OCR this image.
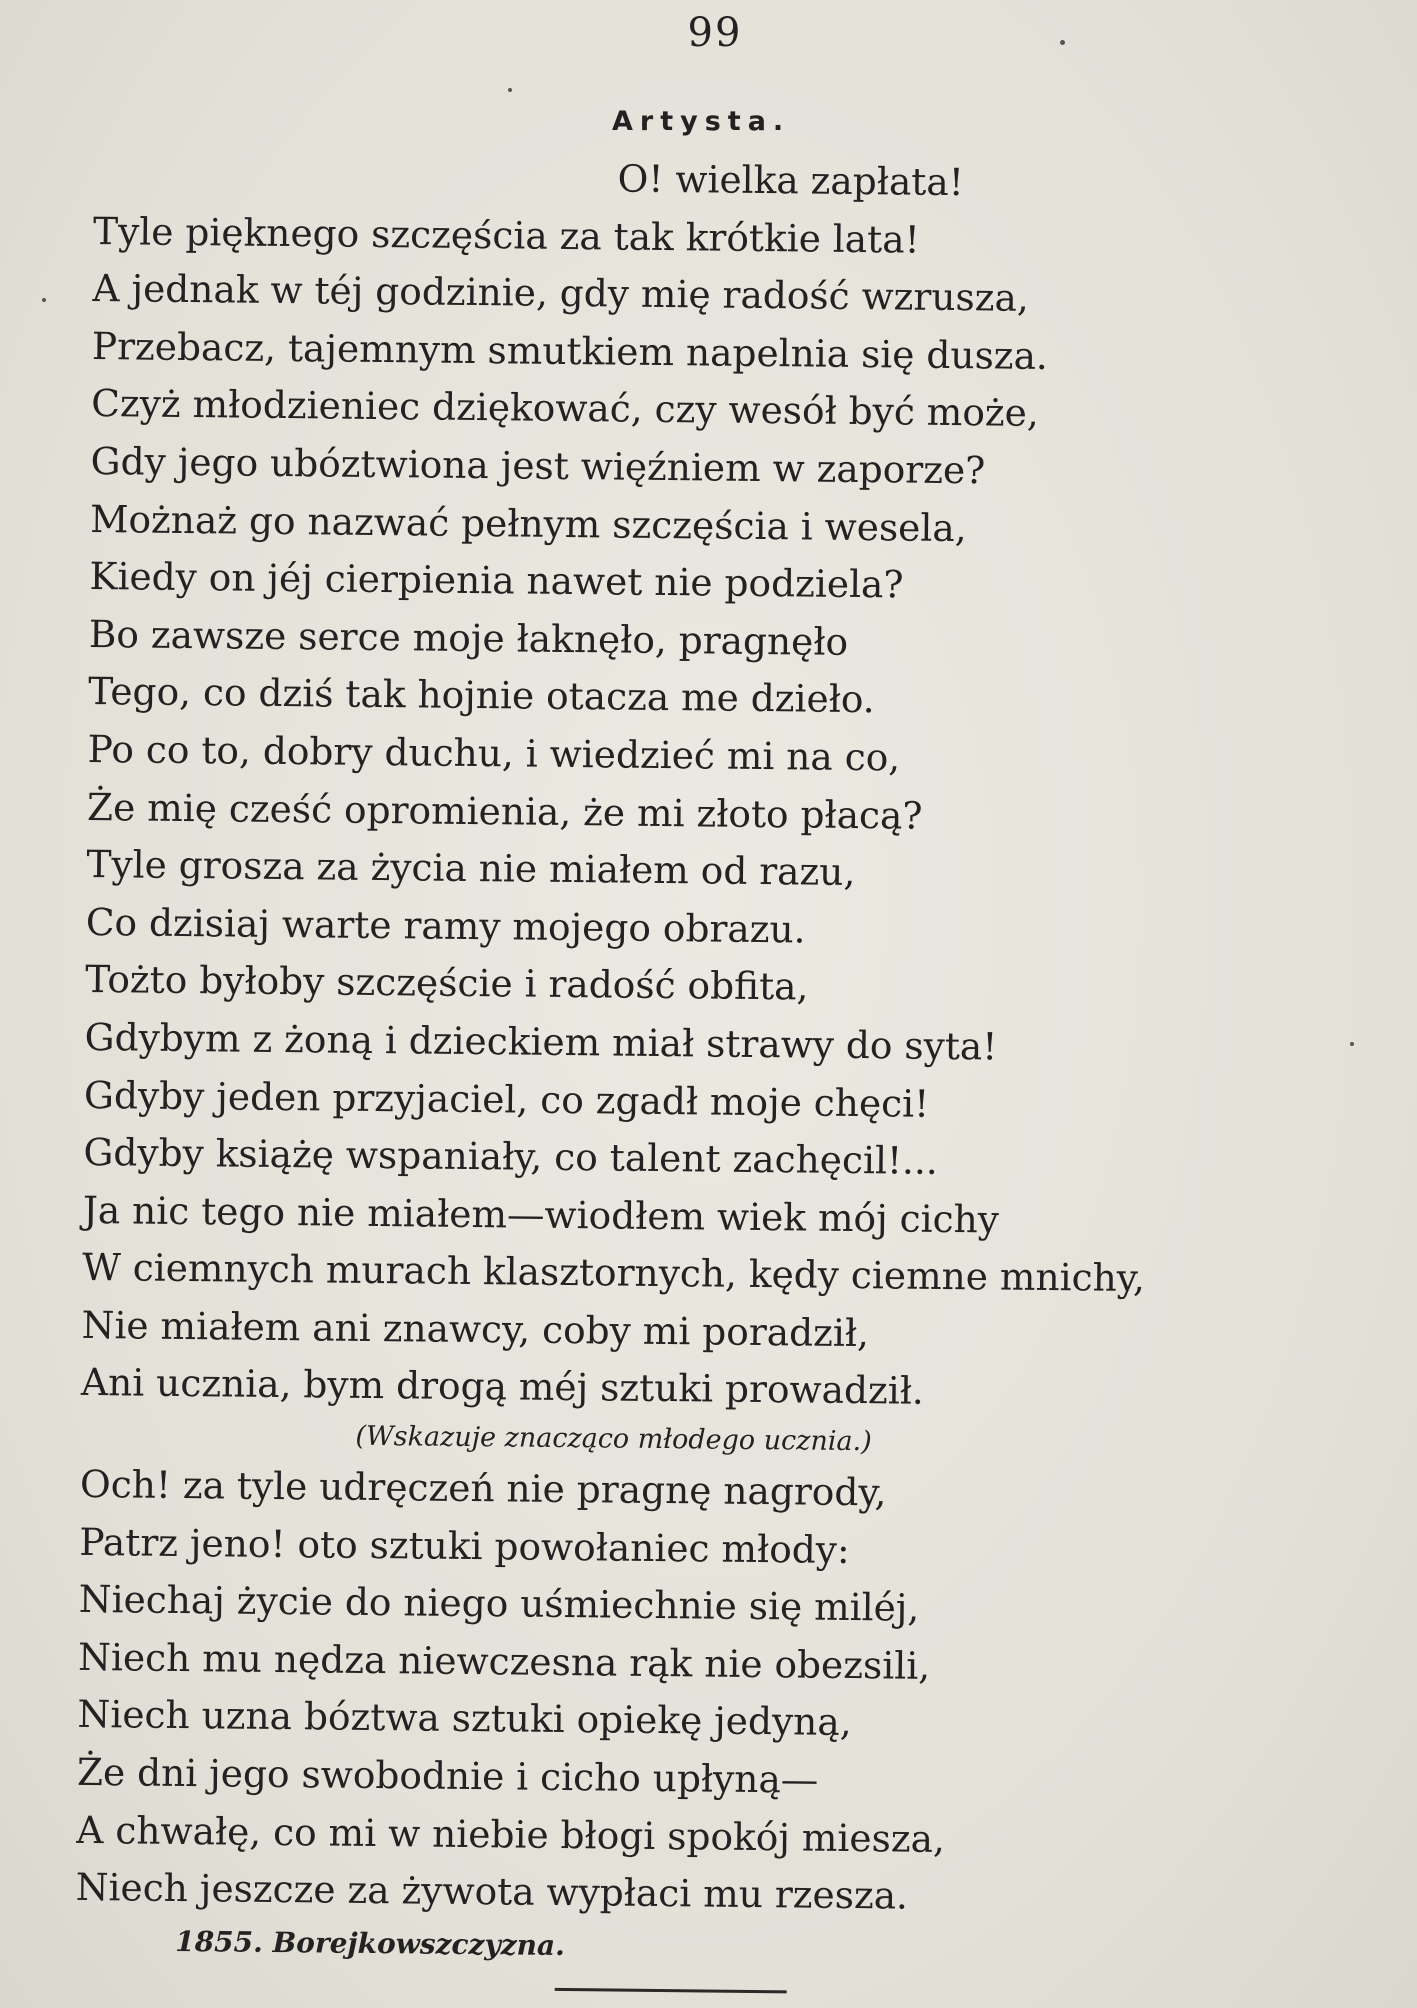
99
Artysta.
O! wielka zapłata!
Tyle pięknego szczęścia za tak krótkie lata!
A jednak w téj godzinie, gdy mię radość wzrusza,
Przebacz, tajemnym smutkiem napelnia się dusza.
Czyż młodzieniec dziękować, czy wesół być może,
Gdy jego ubóztwiona jest więźniem w zaporze?
Możnaż go nazwać pełnym szczęścia i wesela,
Kiedy on jéj cierpienia nawet nie podziela?
Bo zawsze serce moje łaknęło, pragnęło
Tego, co dziś tak hojnie otacza me dzieło.
Po co to, dobry duchu, i wiedzieć mi na co,
Że mię cześć opromienia, że mi złoto płacą?
Tyle grosza za życia nie miałem od razu,
Co dzisiaj warte ramy mojego obrazu.
Tożto byłoby szczęście i radość obfita,
Gdybym z żoną i dzieckiem miał strawy do syta!
Gdyby jeden przyjaciel, co zgadł moje chęci!
Gdyby książę wspaniały, co talent zachęcil!...
Ja nic tego nie miałem—wiodłem wiek mój cichy
W ciemnych murach klasztornych, kędy ciemne mnichy,
Nie miałem ani znawcy, coby mi poradził,
Ani ucznia, bym drogą méj sztuki prowadził.
(Wskazuje znacząco młodego ucznia.)
Och! za tyle udręczeń nie pragnę nagrody,
Patrz jeno! oto sztuki powołaniec młody:
Niechaj życie do niego uśmiechnie się miléj,
Niech mu nędza niewczesna rąk nie obezsili,
Niech uzna bóztwa sztuki opiekę jedyną,
Że dni jego swobodnie i cicho upłyną—
A chwałę, co mi w niebie błogi spokój miesza,
Niech jeszcze za żywota wypłaci mu rzesza.
1855. Borejkowszczyzna.
